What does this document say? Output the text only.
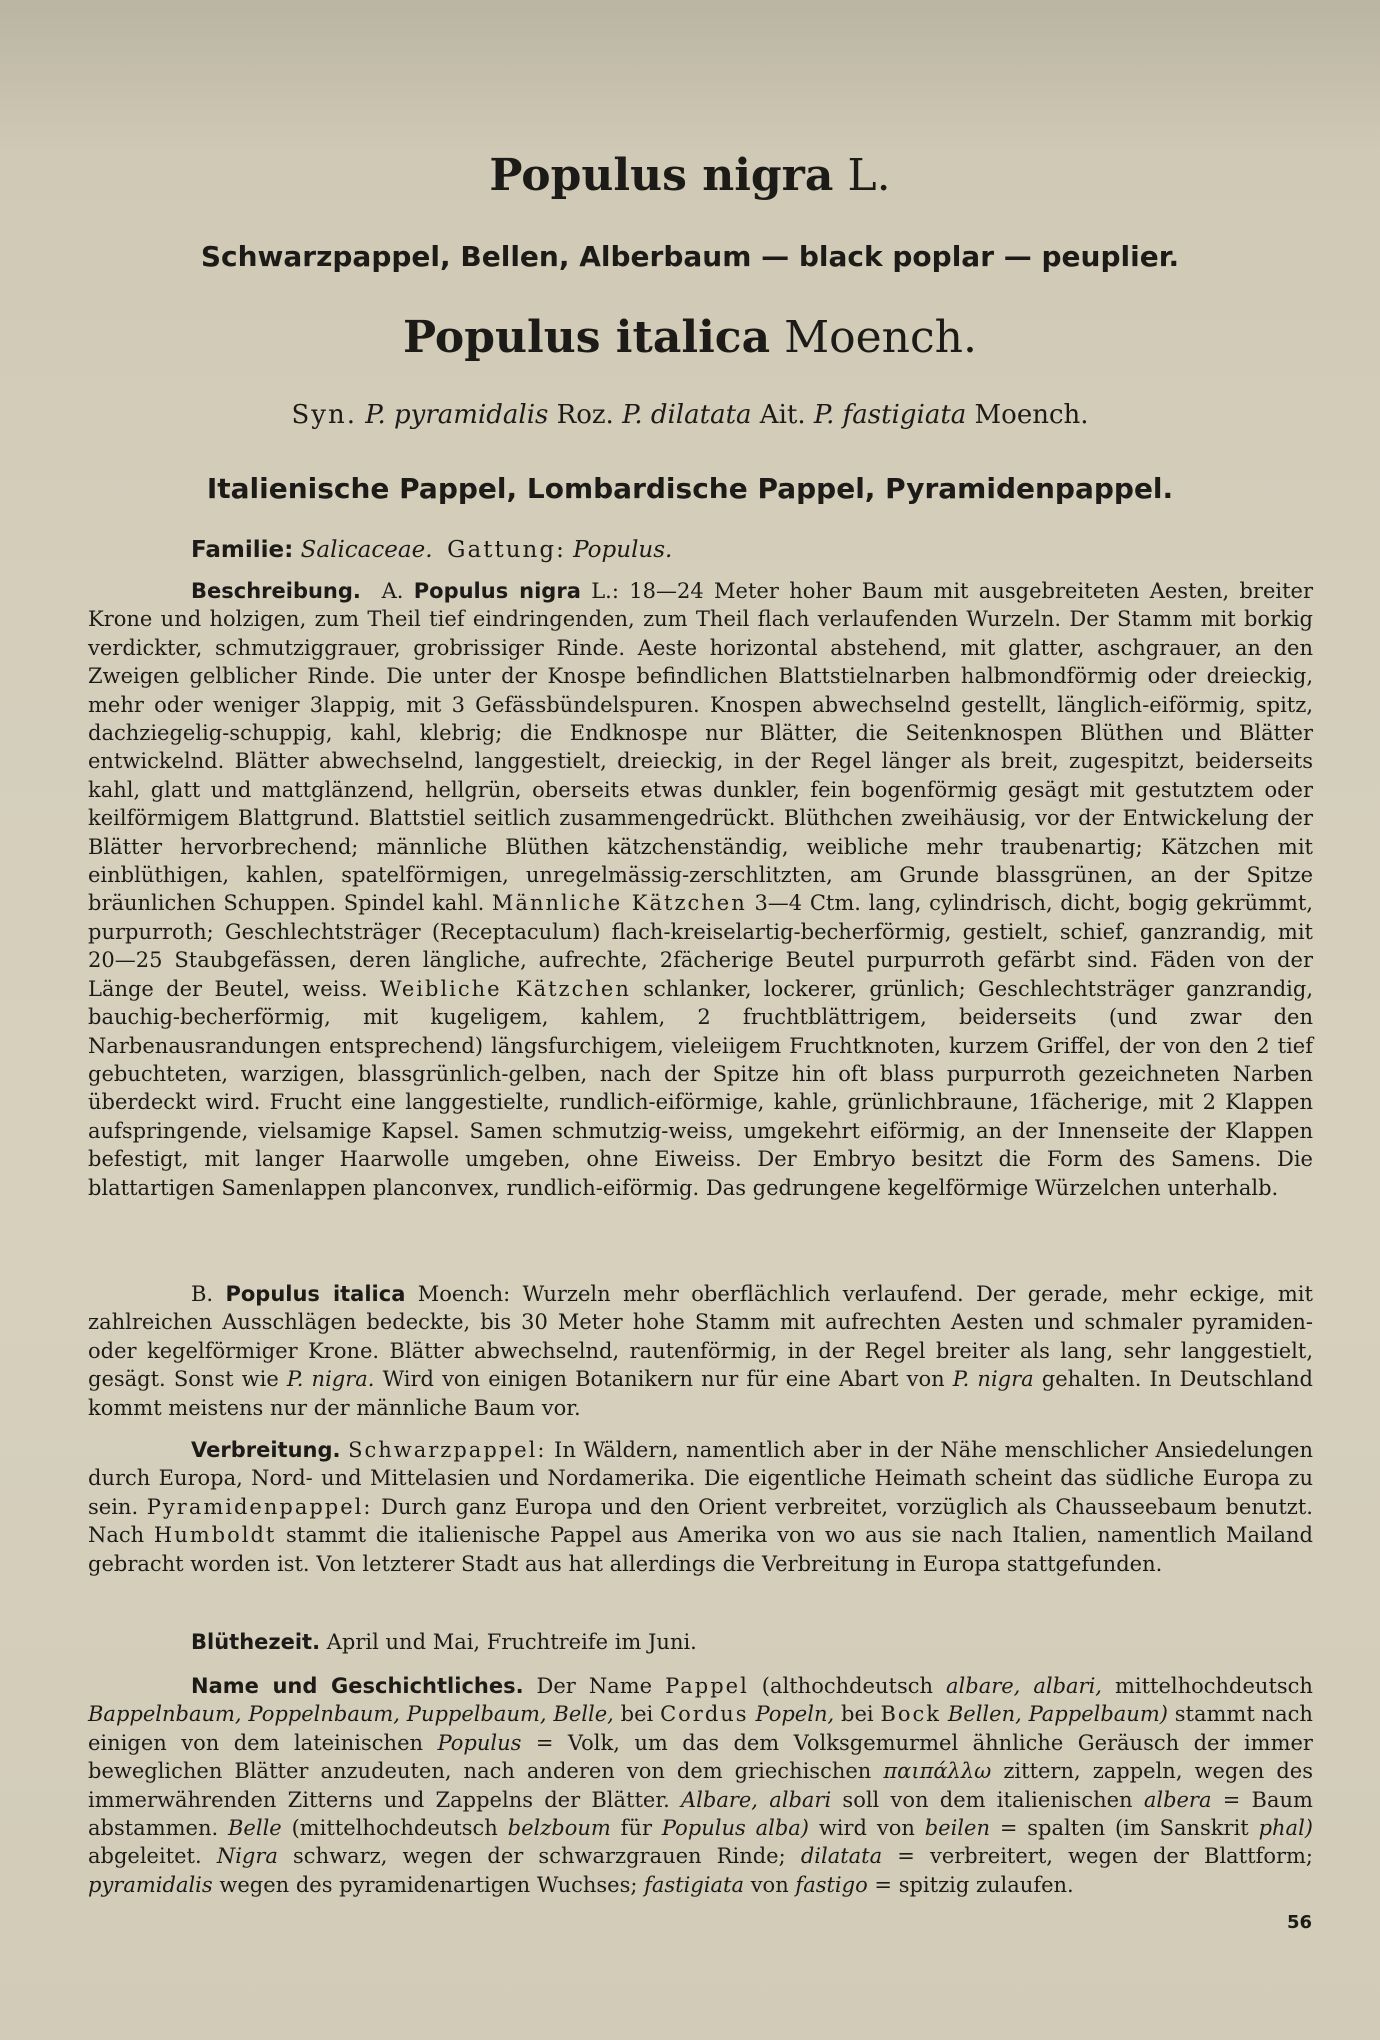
Populus nigra L.
Schwarzpappel, Bellen, Alberbaum — black poplar — peuplier.
Populus italica Moench.
Syn. P. pyramidalis Roz. P. dilatata Ait. P. fastigiata Moench.
Italienische Pappel, Lombardische Pappel, Pyramidenpappel.

Familie: Salicaceae. Gattung: Populus.

Beschreibung. A. Populus nigra L.: 18—24 Meter hoher Baum mit ausgebreiteten Aesten, breiter Krone und holzigen, zum Theil tief eindringenden, zum Theil flach verlaufenden Wurzeln. Der Stamm mit borkig verdickter, schmutziggrauer, grobrissiger Rinde. Aeste horizontal abstehend, mit glatter, aschgrauer, an den Zweigen gelblicher Rinde. Die unter der Knospe befindlichen Blattstielnarben halbmondförmig oder dreieckig, mehr oder weniger 3lappig, mit 3 Gefässbündelspuren. Knospen abwechselnd gestellt, länglich-eiförmig, spitz, dachziegelig-schuppig, kahl, klebrig; die Endknospe nur Blätter, die Seitenknospen Blüthen und Blätter entwickelnd. Blätter abwechselnd, langgestielt, dreieckig, in der Regel länger als breit, zugespitzt, beiderseits kahl, glatt und mattglänzend, hellgrün, oberseits etwas dunkler, fein bogenförmig gesägt mit gestutztem oder keilförmigem Blattgrund. Blattstiel seitlich zusammengedrückt. Blüthchen zweihäusig, vor der Entwickelung der Blätter hervorbrechend; männliche Blüthen kätzchenständig, weibliche mehr traubenartig; Kätzchen mit einblüthigen, kahlen, spatelförmigen, unregelmässig-zerschlitzten, am Grunde blassgrünen, an der Spitze bräunlichen Schuppen. Spindel kahl. Männliche Kätzchen 3—4 Ctm. lang, cylindrisch, dicht, bogig gekrümmt, purpurroth; Geschlechtsträger (Receptaculum) flach-kreiselartig-becherförmig, gestielt, schief, ganzrandig, mit 20—25 Staubgefässen, deren längliche, aufrechte, 2fächerige Beutel purpurroth gefärbt sind. Fäden von der Länge der Beutel, weiss. Weibliche Kätzchen schlanker, lockerer, grünlich; Geschlechtsträger ganzrandig, bauchig-becherförmig, mit kugeligem, kahlem, 2 fruchtblättrigem, beiderseits (und zwar den Narbenausrandungen entsprechend) längsfurchigem, vieleiigem Fruchtknoten, kurzem Griffel, der von den 2 tief gebuchteten, warzigen, blassgrünlich-gelben, nach der Spitze hin oft blass purpurroth gezeichneten Narben überdeckt wird. Frucht eine langgestielte, rundlich-eiförmige, kahle, grünlichbraune, 1fächerige, mit 2 Klappen aufspringende, vielsamige Kapsel. Samen schmutzig-weiss, umgekehrt eiförmig, an der Innenseite der Klappen befestigt, mit langer Haarwolle umgeben, ohne Eiweiss. Der Embryo besitzt die Form des Samens. Die blattartigen Samenlappen planconvex, rundlich-eiförmig. Das gedrungene kegelförmige Würzelchen unterhalb.

B. Populus italica Moench: Wurzeln mehr oberflächlich verlaufend. Der gerade, mehr eckige, mit zahlreichen Ausschlägen bedeckte, bis 30 Meter hohe Stamm mit aufrechten Aesten und schmaler pyramiden- oder kegelförmiger Krone. Blätter abwechselnd, rautenförmig, in der Regel breiter als lang, sehr langgestielt, gesägt. Sonst wie P. nigra. Wird von einigen Botanikern nur für eine Abart von P. nigra gehalten. In Deutschland kommt meistens nur der männliche Baum vor.

Verbreitung. Schwarzpappel: In Wäldern, namentlich aber in der Nähe menschlicher Ansiedelungen durch Europa, Nord- und Mittelasien und Nordamerika. Die eigentliche Heimath scheint das südliche Europa zu sein. Pyramidenpappel: Durch ganz Europa und den Orient verbreitet, vorzüglich als Chausseebaum benutzt. Nach Humboldt stammt die italienische Pappel aus Amerika von wo aus sie nach Italien, namentlich Mailand gebracht worden ist. Von letzterer Stadt aus hat allerdings die Verbreitung in Europa stattgefunden.

Blüthezeit. April und Mai, Fruchtreife im Juni.

Name und Geschichtliches. Der Name Pappel (althochdeutsch albare, albari, mittelhochdeutsch Bappelnbaum, Poppelnbaum, Puppelbaum, Belle, bei Cordus Popeln, bei Bock Bellen, Pappelbaum) stammt nach einigen von dem lateinischen Populus = Volk, um das dem Volksgemurmel ähnliche Geräusch der immer beweglichen Blätter anzudeuten, nach anderen von dem griechischen παιπάλλω zittern, zappeln, wegen des immerwährenden Zitterns und Zappelns der Blätter. Albare, albari soll von dem italienischen albera = Baum abstammen. Belle (mittelhochdeutsch belzboum für Populus alba) wird von beilen = spalten (im Sanskrit phal) abgeleitet. Nigra schwarz, wegen der schwarzgrauen Rinde; dilatata = verbreitert, wegen der Blattform; pyramidalis wegen des pyramidenartigen Wuchses; fastigiata von fastigo = spitzig zulaufen.

56
